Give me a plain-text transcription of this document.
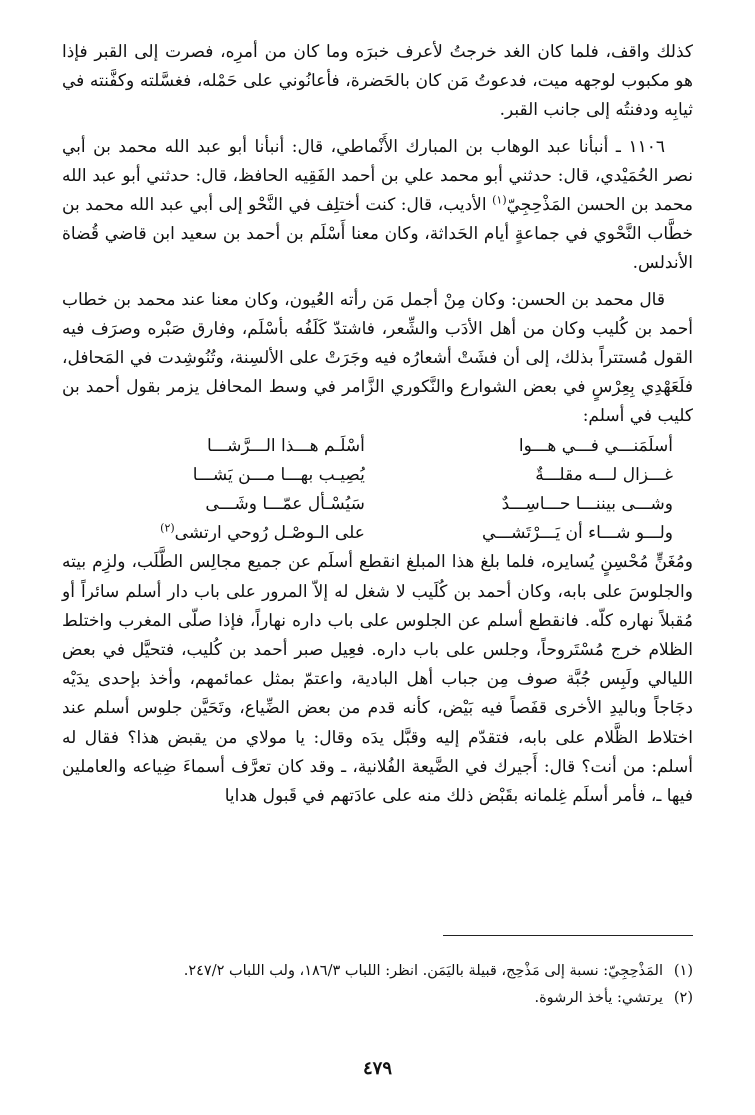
كذلك واقف، فلما كان الغد خرجتُ لأعرف خبرَه وما كان من أمرِه، فصرت إلى القبر فإذا هو مكبوب لوجهه ميت، فدعوتُ مَن كان بالحَضرة، فأعانُوني على حَمْله، فغسَّلته وكفَّنته في ثيابِه ودفنتُه إلى جانب القبر.

١١٠٦ ـ أنبأنا عبد الوهاب بن المبارك الأَنْماطي، قال: أنبأنا أبو عبد الله محمد بن أبي نصر الحُمَيْدي، قال: حدثني أبو محمد علي بن أحمد الفَقِيه الحافظ، قال: حدثني أبو عبد الله محمد بن الحسن المَذْحِجِيّ$^{(١)}$ الأديب، قال: كنت أختلِف في النَّحْو إلى أبي عبد الله محمد بن خطَّاب النَّحْوي في جماعةٍ أيام الحَداثة، وكان معنا أَسْلَم بن أحمد بن سعيد ابن قاضي قُضاة الأندلس.

قال محمد بن الحسن: وكان مِنْ أجمل مَن رأته العُيون، وكان معنا عند محمد بن خطاب أحمد بن كُليب وكان من أهل الأدَب والشِّعر، فاشتدّ كَلَفُه بأسْلَم، وفارق صَبْره وصرَف فيه القول مُستتراً بذلك، إلى أن فشَتْ أشعارُه فيه وجَرَتْ على الألسِنة، وتُنُوشِدت في المَحافل، فلَعَهْدِي بِعِرْسٍ في بعض الشوارع والنَّكوري الزَّامر في وسط المحافل يزمر بقول أحمد بن كليب في أسلم:

أسلَمَنـــي فـــي هـــوا	أسْلَـم هـــذا الـــرَّشـــا
غـــزال لـــه مقلـــةٌ	يُصِيـب بهـــا مـــن يَشـــا
وشـــى بيننـــا حـــاسِـــدٌ	سَيُسْـأل عمّـــا وشَـــى
ولـــو شـــاء أن يَـــرْتَشـــي	على الـوصْـل رُوحي ارتشى$^{(٢)}$

ومُغَنٍّ مُحْسِنٍ يُسايره، فلما بلغ هذا المبلغ انقطع أسلَم عن جميع مجالِس الطَّلَب، ولزِم بيته والجلوسَ على بابه، وكان أحمد بن كُلَيب لا شغل له إلاّ المرور على باب دار أسلم سائراً أو مُقبلاً نهاره كلّه. فانقطع أسلم عن الجلوس على باب داره نهاراً، فإذا صلّى المغرب واختلط الظلام خرج مُسْتَروحاً، وجلس على باب داره. فعِيل صبر أحمد بن كُليب، فتحيَّل في بعض الليالي ولَبِس جُبَّة صوف مِن جباب أهل البادية، واعتمّ بمثل عمائمهم، وأخذ بإحدى يدَيْه دجَاجاً وباليدِ الأخرى قفَصاً فيه بَيْض، كأنه قدم من بعض الضِّياع، وتَحَيَّن جلوس أسلم عند اختلاط الظَّلام على بابه، فتقدّم إليه وقبَّل يدَه وقال: يا مولاي من يقبض هذا؟ فقال له أسلم: من أنت؟ قال: أَجيرك في الضَّيعة الفُلانية، ـ وقد كان تعرَّف أسماءَ ضِياعه والعاملين فيها ـ، فأمر أسلَم غِلمانه بقَبْض ذلك منه على عادَتهم في قَبول هدايا

(١)المَذْحِجِيّ: نسبة إلى مَذْحِج، قبيلة باليَمَن. انظر: اللباب ١٨٦/٣، ولب اللباب ٢٤٧/٢.

(٢)يرتشي: يأخذ الرشوة.

٤٧٩
